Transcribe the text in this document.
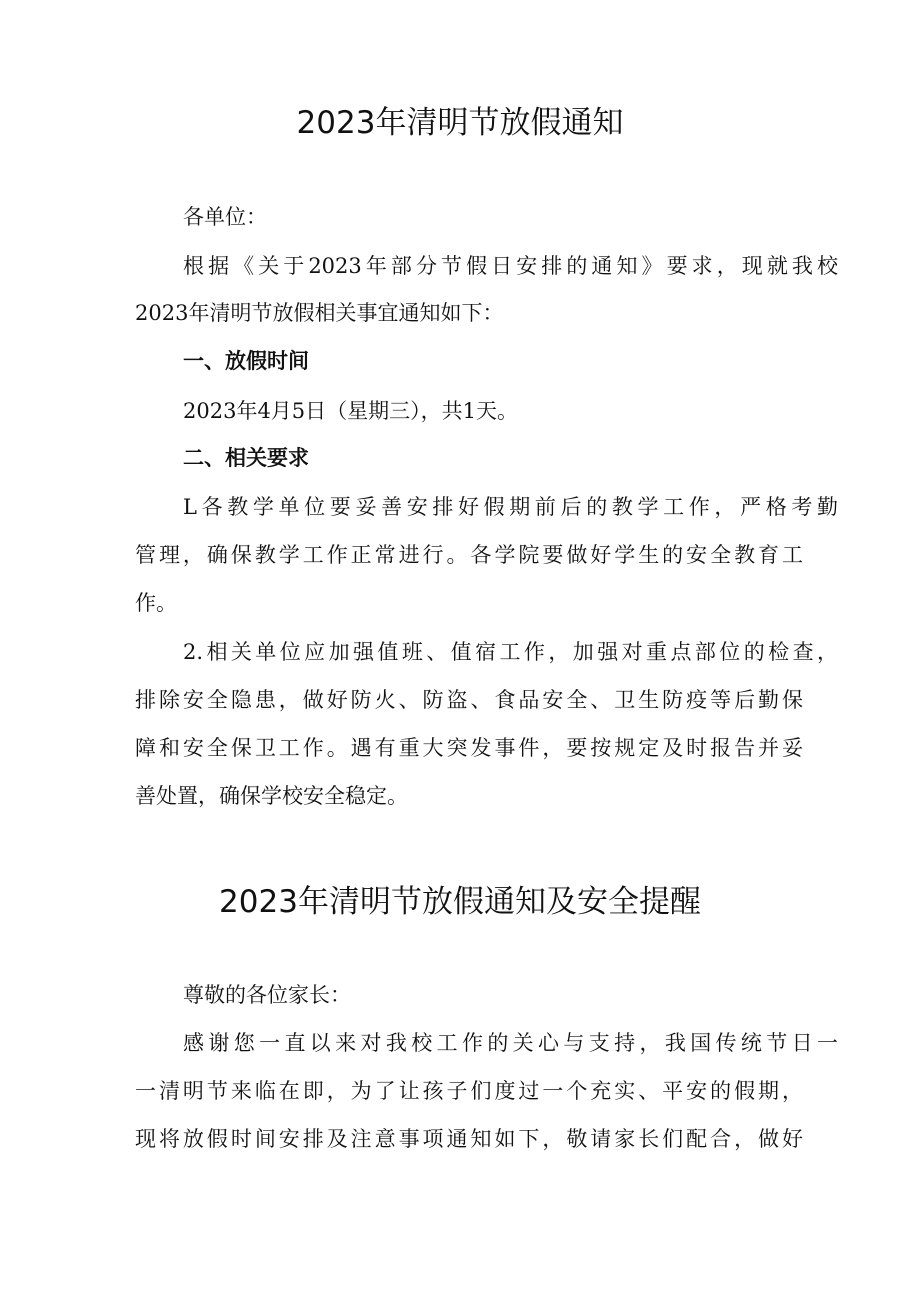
2023年清明节放假通知

各单位：

根据《关于2023年部分节假日安排的通知》要求，现就我校

2023年清明节放假相关事宜通知如下：

一、放假时间

2023年4月5日（星期三），共1天。

二、相关要求

L各教学单位要妥善安排好假期前后的教学工作，严格考勤

管理，确保教学工作正常进行。各学院要做好学生的安全教育工

作。

2.相关单位应加强值班、值宿工作，加强对重点部位的检查，

排除安全隐患，做好防火、防盗、食品安全、卫生防疫等后勤保

障和安全保卫工作。遇有重大突发事件，要按规定及时报告并妥

善处置，确保学校安全稳定。

2023年清明节放假通知及安全提醒

尊敬的各位家长：

感谢您一直以来对我校工作的关心与支持，我国传统节日一

一清明节来临在即，为了让孩子们度过一个充实、平安的假期，

现将放假时间安排及注意事项通知如下，敬请家长们配合，做好
